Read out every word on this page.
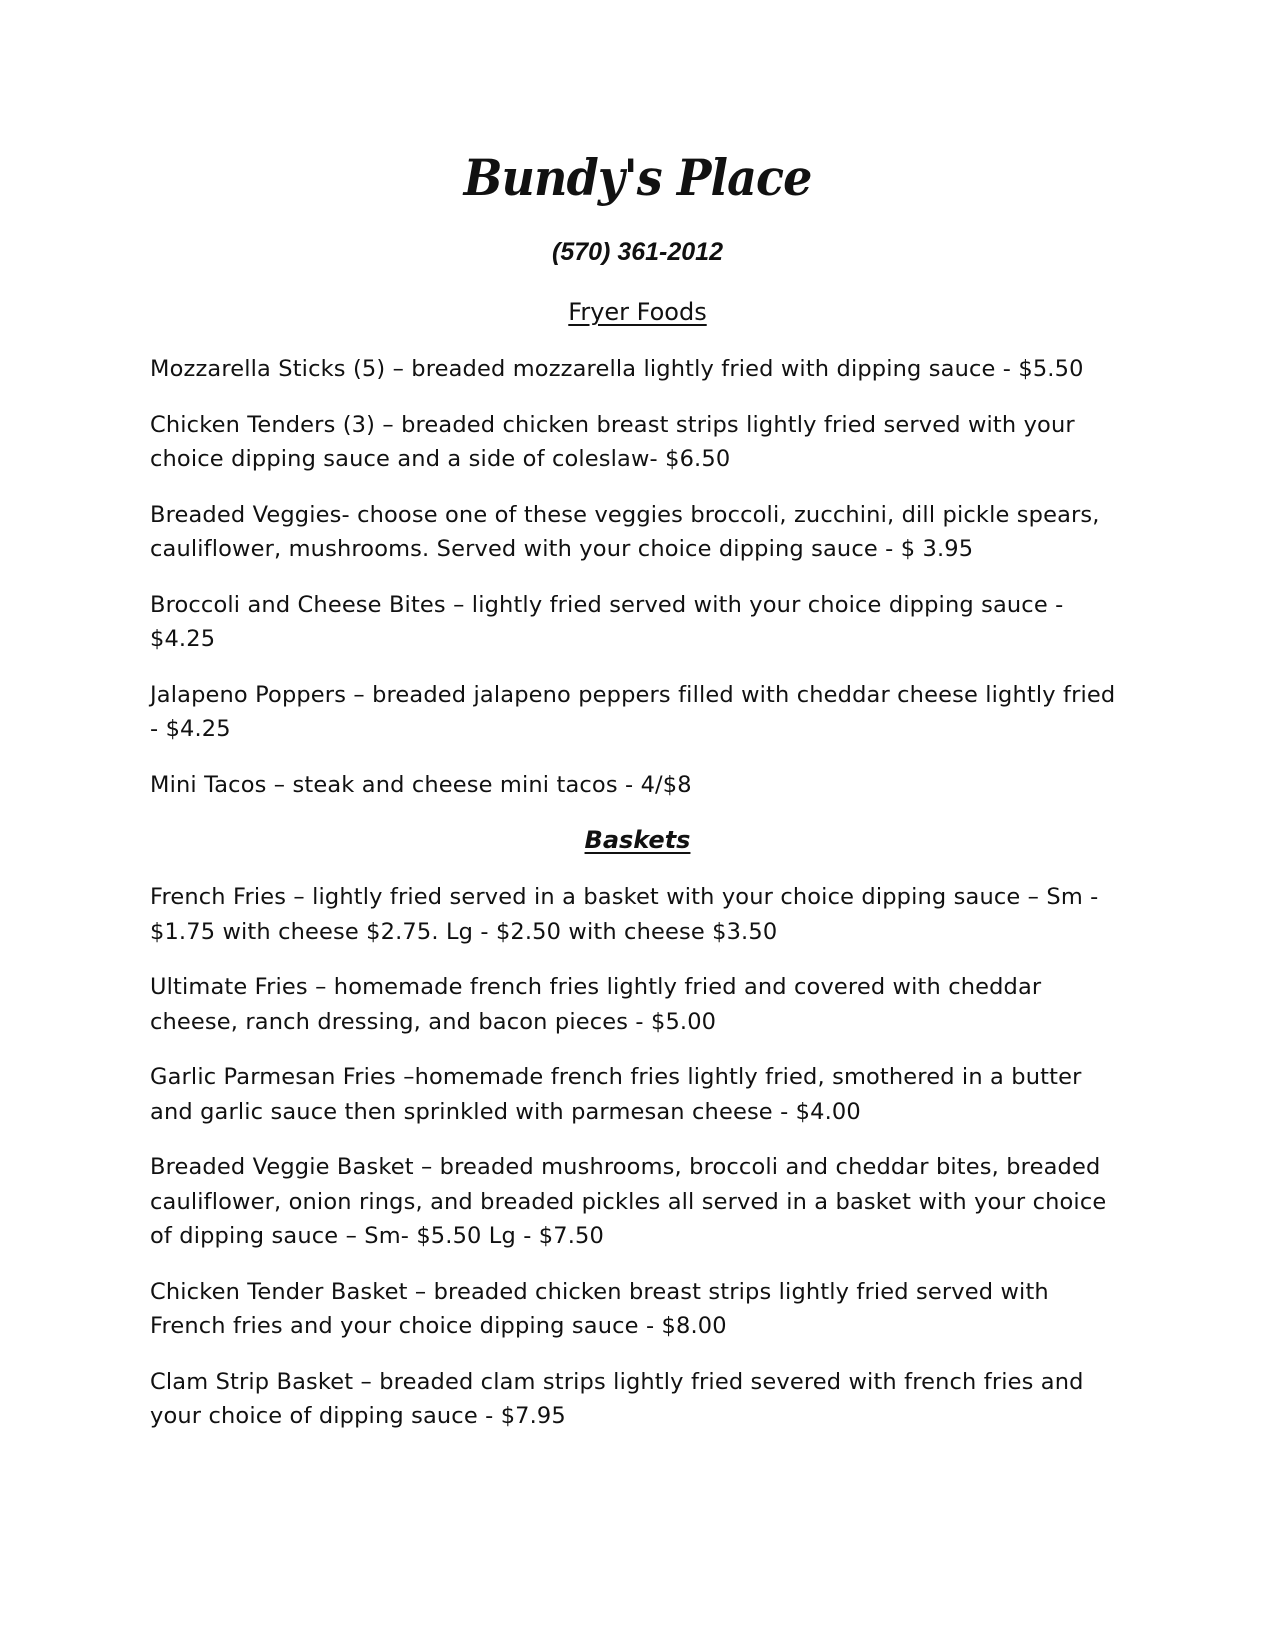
Bundy's Place
(570) 361-2012
Fryer Foods
Mozzarella Sticks (5) – breaded mozzarella lightly fried with dipping sauce - $5.50
Chicken Tenders (3) – breaded chicken breast strips lightly fried served with your choice dipping sauce and a side of coleslaw- $6.50
Breaded Veggies- choose one of these veggies broccoli, zucchini, dill pickle spears, cauliflower, mushrooms. Served with your choice dipping sauce - $ 3.95
Broccoli and Cheese Bites – lightly fried served with your choice dipping sauce - $4.25
Jalapeno Poppers – breaded jalapeno peppers filled with cheddar cheese lightly fried - $4.25
Mini Tacos – steak and cheese mini tacos - 4/$8
Baskets
French Fries – lightly fried served in a basket with your choice dipping sauce – Sm - $1.75 with cheese $2.75. Lg - $2.50 with cheese $3.50
Ultimate Fries – homemade french fries lightly fried and covered with cheddar cheese, ranch dressing, and bacon pieces - $5.00
Garlic Parmesan Fries –homemade french fries lightly fried, smothered in a butter and garlic sauce then sprinkled with parmesan cheese - $4.00
Breaded Veggie Basket – breaded mushrooms, broccoli and cheddar bites, breaded cauliflower, onion rings, and breaded pickles all served in a basket with your choice of dipping sauce – Sm- $5.50 Lg - $7.50
Chicken Tender Basket – breaded chicken breast strips lightly fried served with French fries and your choice dipping sauce - $8.00
Clam Strip Basket – breaded clam strips lightly fried severed with french fries and your choice of dipping sauce - $7.95
